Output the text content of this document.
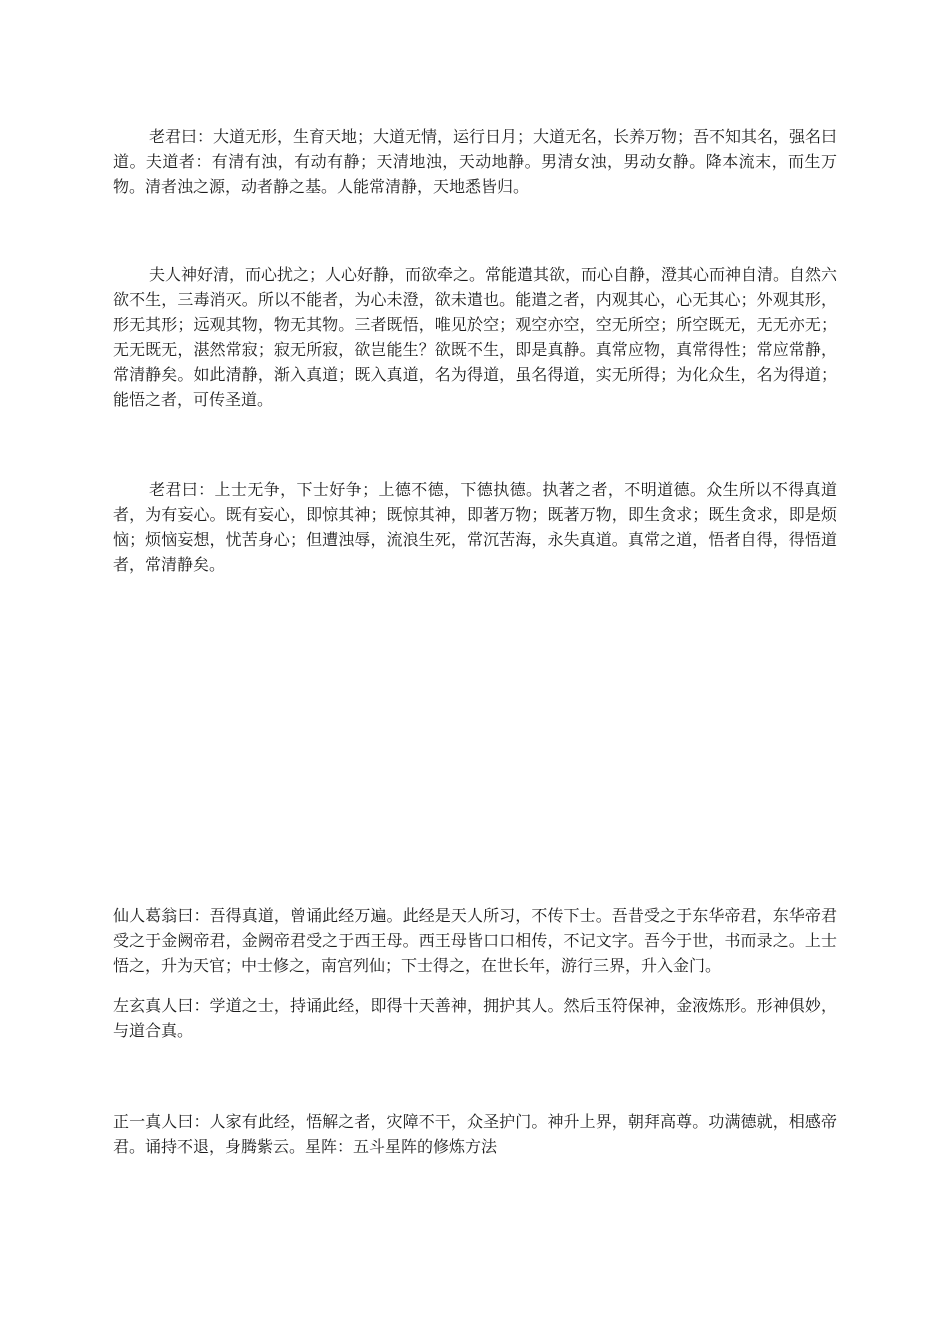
老君曰：大道无形，生育天地；大道无情，运行日月；大道无名，长养万物；吾不知其名，强名曰道。夫道者：有清有浊，有动有静；天清地浊，天动地静。男清女浊，男动女静。降本流末，而生万物。清者浊之源，动者静之基。人能常清静，天地悉皆归。

夫人神好清，而心扰之；人心好静，而欲牵之。常能遣其欲，而心自静，澄其心而神自清。自然六欲不生，三毒消灭。所以不能者，为心未澄，欲未遣也。能遣之者，内观其心，心无其心；外观其形，形无其形；远观其物，物无其物。三者既悟，唯见於空；观空亦空，空无所空；所空既无，无无亦无；无无既无，湛然常寂；寂无所寂，欲岂能生？欲既不生，即是真静。真常应物，真常得性；常应常静，常清静矣。如此清静，渐入真道；既入真道，名为得道，虽名得道，实无所得；为化众生，名为得道；能悟之者，可传圣道。

老君曰：上士无争，下士好争；上德不德，下德执德。执著之者，不明道德。众生所以不得真道者，为有妄心。既有妄心，即惊其神；既惊其神，即著万物；既著万物，即生贪求；既生贪求，即是烦恼；烦恼妄想，忧苦身心；但遭浊辱，流浪生死，常沉苦海，永失真道。真常之道，悟者自得，得悟道者，常清静矣。

仙人葛翁曰：吾得真道，曾诵此经万遍。此经是天人所习，不传下士。吾昔受之于东华帝君，东华帝君受之于金阙帝君，金阙帝君受之于西王母。西王母皆口口相传，不记文字。吾今于世，书而录之。上士悟之，升为天官；中士修之，南宫列仙；下士得之，在世长年，游行三界，升入金门。

左玄真人曰：学道之士，持诵此经，即得十天善神，拥护其人。然后玉符保神，金液炼形。形神俱妙，与道合真。

正一真人曰：人家有此经，悟解之者，灾障不干，众圣护门。神升上界，朝拜高尊。功满德就，相感帝君。诵持不退，身腾紫云。星阵：五斗星阵的修炼方法
